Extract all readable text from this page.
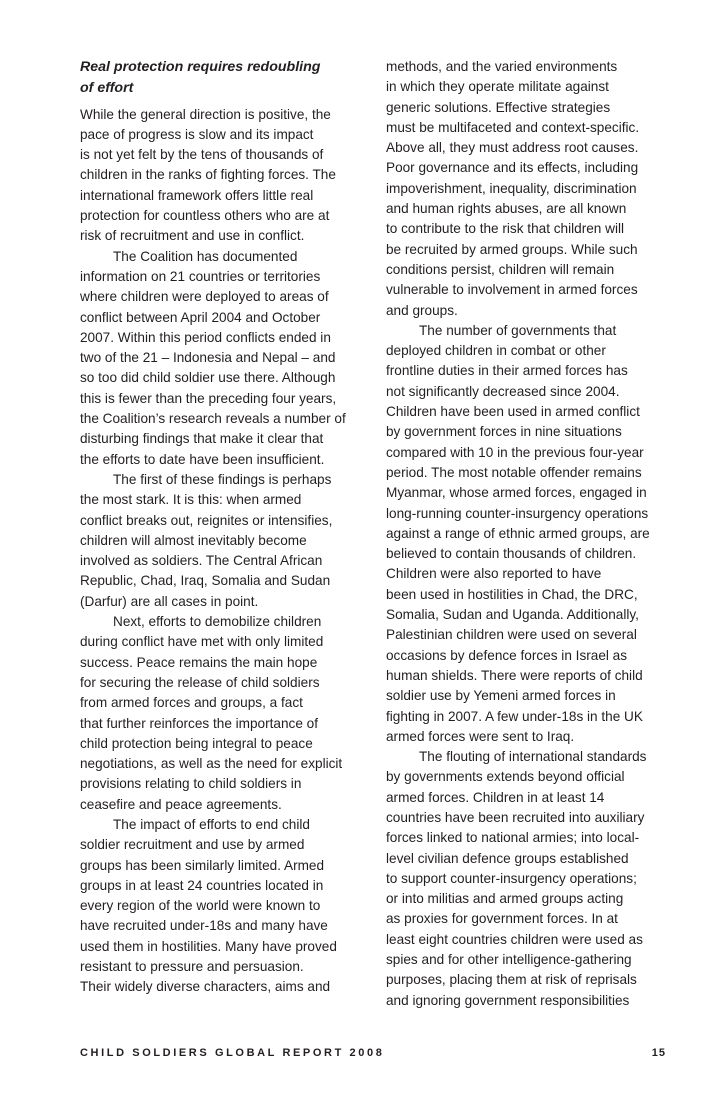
Real protection requires redoubling
of effort
While the general direction is positive, the
pace of progress is slow and its impact
is not yet felt by the tens of thousands of
children in the ranks of fighting forces. The
international framework offers little real
protection for countless others who are at
risk of recruitment and use in conflict.
The Coalition has documented
information on 21 countries or territories
where children were deployed to areas of
conflict between April 2004 and October
2007. Within this period conflicts ended in
two of the 21 – Indonesia and Nepal – and
so too did child soldier use there. Although
this is fewer than the preceding four years,
the Coalition’s research reveals a number of
disturbing findings that make it clear that
the efforts to date have been insufficient.
The first of these findings is perhaps
the most stark. It is this: when armed
conflict breaks out, reignites or intensifies,
children will almost inevitably become
involved as soldiers. The Central African
Republic, Chad, Iraq, Somalia and Sudan
(Darfur) are all cases in point.
Next, efforts to demobilize children
during conflict have met with only limited
success. Peace remains the main hope
for securing the release of child soldiers
from armed forces and groups, a fact
that further reinforces the importance of
child protection being integral to peace
negotiations, as well as the need for explicit
provisions relating to child soldiers in
ceasefire and peace agreements.
The impact of efforts to end child
soldier recruitment and use by armed
groups has been similarly limited. Armed
groups in at least 24 countries located in
every region of the world were known to
have recruited under-18s and many have
used them in hostilities. Many have proved
resistant to pressure and persuasion.
Their widely diverse characters, aims and
methods, and the varied environments
in which they operate militate against
generic solutions. Effective strategies
must be multifaceted and context-specific.
Above all, they must address root causes.
Poor governance and its effects, including
impoverishment, inequality, discrimination
and human rights abuses, are all known
to contribute to the risk that children will
be recruited by armed groups. While such
conditions persist, children will remain
vulnerable to involvement in armed forces
and groups.
The number of governments that
deployed children in combat or other
frontline duties in their armed forces has
not significantly decreased since 2004.
Children have been used in armed conflict
by government forces in nine situations
compared with 10 in the previous four-year
period. The most notable offender remains
Myanmar, whose armed forces, engaged in
long-running counter-insurgency operations
against a range of ethnic armed groups, are
believed to contain thousands of children.
Children were also reported to have
been used in hostilities in Chad, the DRC,
Somalia, Sudan and Uganda. Additionally,
Palestinian children were used on several
occasions by defence forces in Israel as
human shields. There were reports of child
soldier use by Yemeni armed forces in
fighting in 2007. A few under-18s in the UK
armed forces were sent to Iraq.
The flouting of international standards
by governments extends beyond official
armed forces. Children in at least 14
countries have been recruited into auxiliary
forces linked to national armies; into local-
level civilian defence groups established
to support counter-insurgency operations;
or into militias and armed groups acting
as proxies for government forces. In at
least eight countries children were used as
spies and for other intelligence-gathering
purposes, placing them at risk of reprisals
and ignoring government responsibilities
CHILD SOLDIERS GLOBAL REPORT 2008	15
